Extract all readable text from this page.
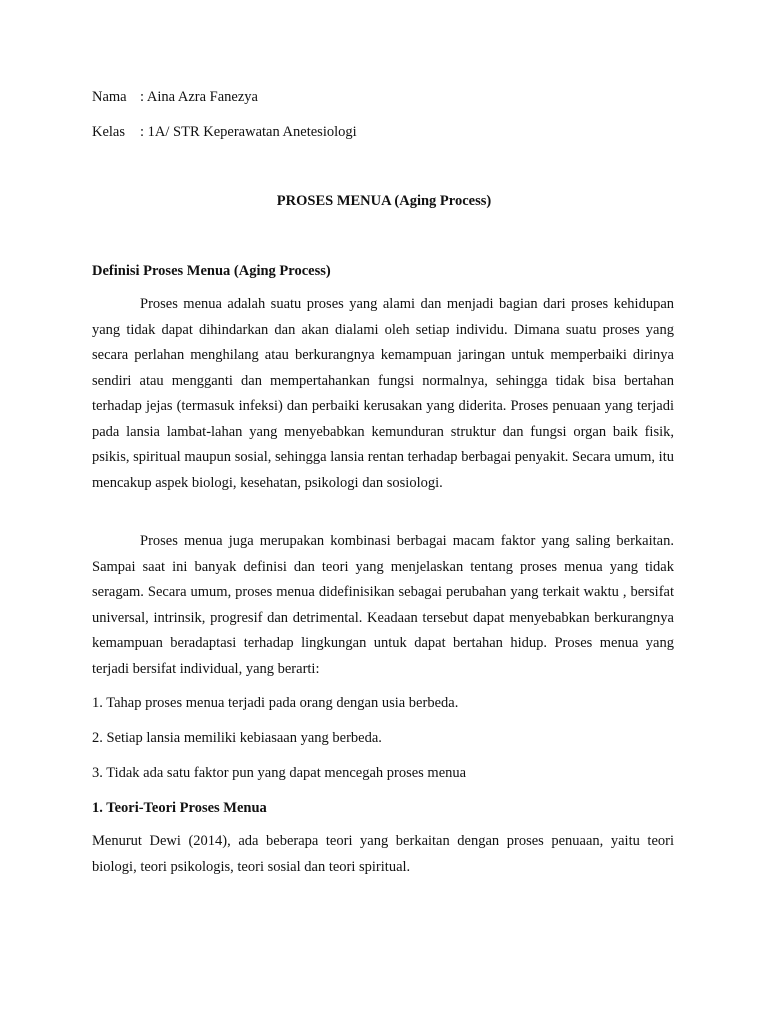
Nama : Aina Azra Fanezya
Kelas : 1A/ STR Keperawatan Anetesiologi
PROSES MENUA (Aging Process)
Definisi Proses Menua (Aging Process)

Proses menua adalah suatu proses yang alami dan menjadi bagian dari proses kehidupan yang tidak dapat dihindarkan dan akan dialami oleh setiap individu. Dimana suatu proses yang secara perlahan menghilang atau berkurangnya kemampuan jaringan untuk memperbaiki dirinya sendiri atau mengganti dan mempertahankan fungsi normalnya, sehingga tidak bisa bertahan terhadap jejas (termasuk infeksi) dan perbaiki kerusakan yang diderita. Proses penuaan yang terjadi pada lansia lambat-lahan yang menyebabkan kemunduran struktur dan fungsi organ baik fisik, psikis, spiritual maupun sosial, sehingga lansia rentan terhadap berbagai penyakit. Secara umum, itu mencakup aspek biologi, kesehatan, psikologi dan sosiologi.

Proses menua juga merupakan kombinasi berbagai macam faktor yang saling berkaitan. Sampai saat ini banyak definisi dan teori yang menjelaskan tentang proses menua yang tidak seragam. Secara umum, proses menua didefinisikan sebagai perubahan yang terkait waktu , bersifat universal, intrinsik, progresif dan detrimental. Keadaan tersebut dapat menyebabkan berkurangnya kemampuan beradaptasi terhadap lingkungan untuk dapat bertahan hidup. Proses menua yang terjadi bersifat individual, yang berarti:

1. Tahap proses menua terjadi pada orang dengan usia berbeda.
2. Setiap lansia memiliki kebiasaan yang berbeda.
3. Tidak ada satu faktor pun yang dapat mencegah proses menua
1. Teori-Teori Proses Menua

Menurut Dewi (2014), ada beberapa teori yang berkaitan dengan proses penuaan, yaitu teori biologi, teori psikologis, teori sosial dan teori spiritual.
